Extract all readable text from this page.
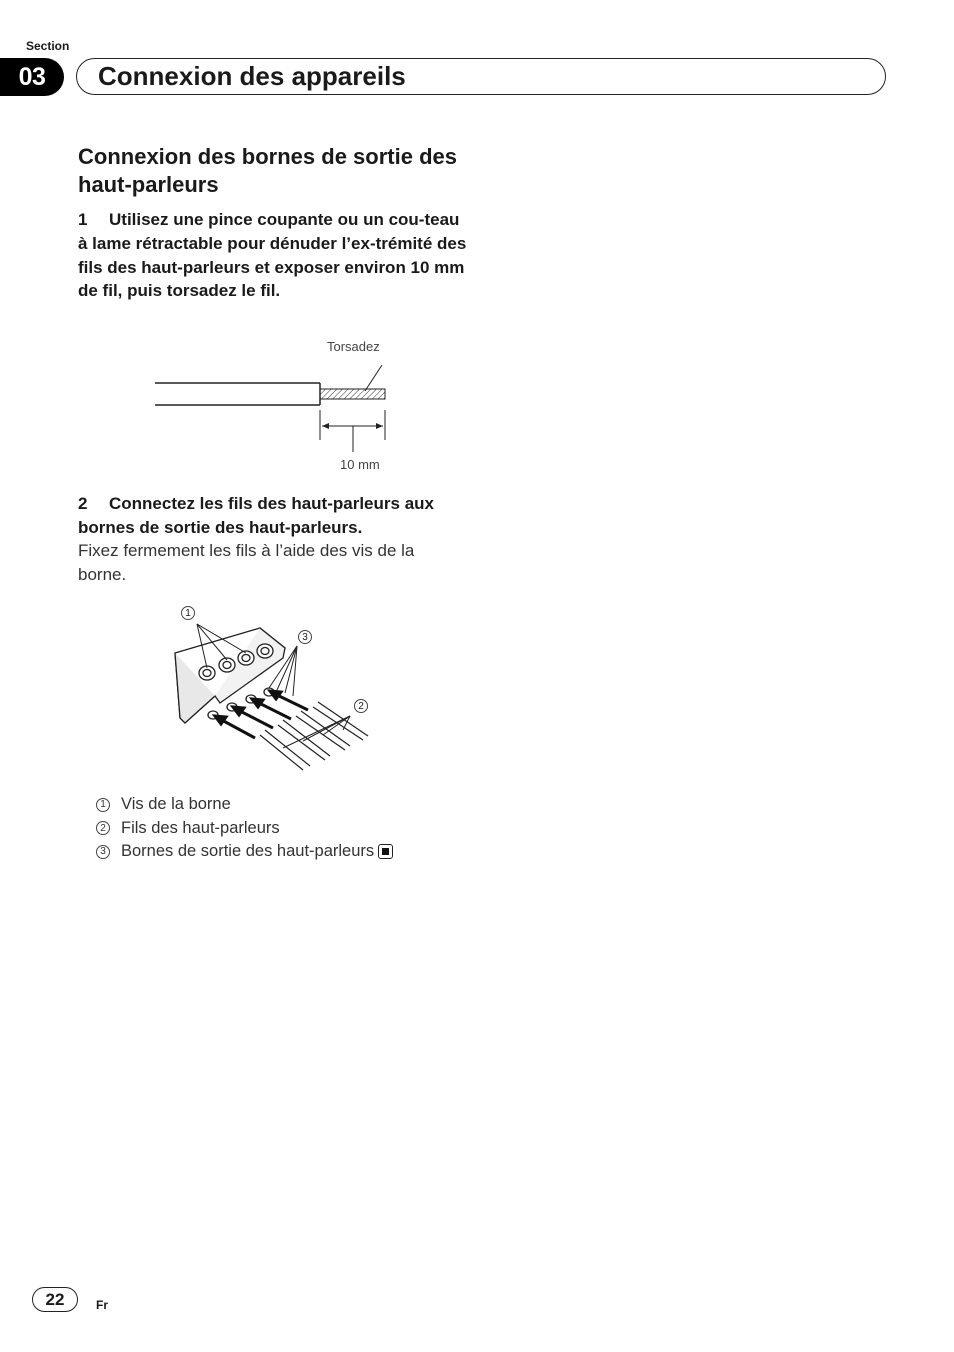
Section
03	Connexion des appareils
Connexion des bornes de sortie des haut-parleurs
1 Utilisez une pince coupante ou un cou-teau à lame rétractable pour dénuder l’ex-trémité des fils des haut-parleurs et exposer environ 10 mm de fil, puis torsadez le fil.
Torsadez
10 mm
2 Connectez les fils des haut-parleurs aux bornes de sortie des haut-parleurs.
Fixez fermement les fils à l’aide des vis de la borne.
1
3
2
1 Vis de la borne
2 Fils des haut-parleurs
3 Bornes de sortie des haut-parleurs
22	Fr
